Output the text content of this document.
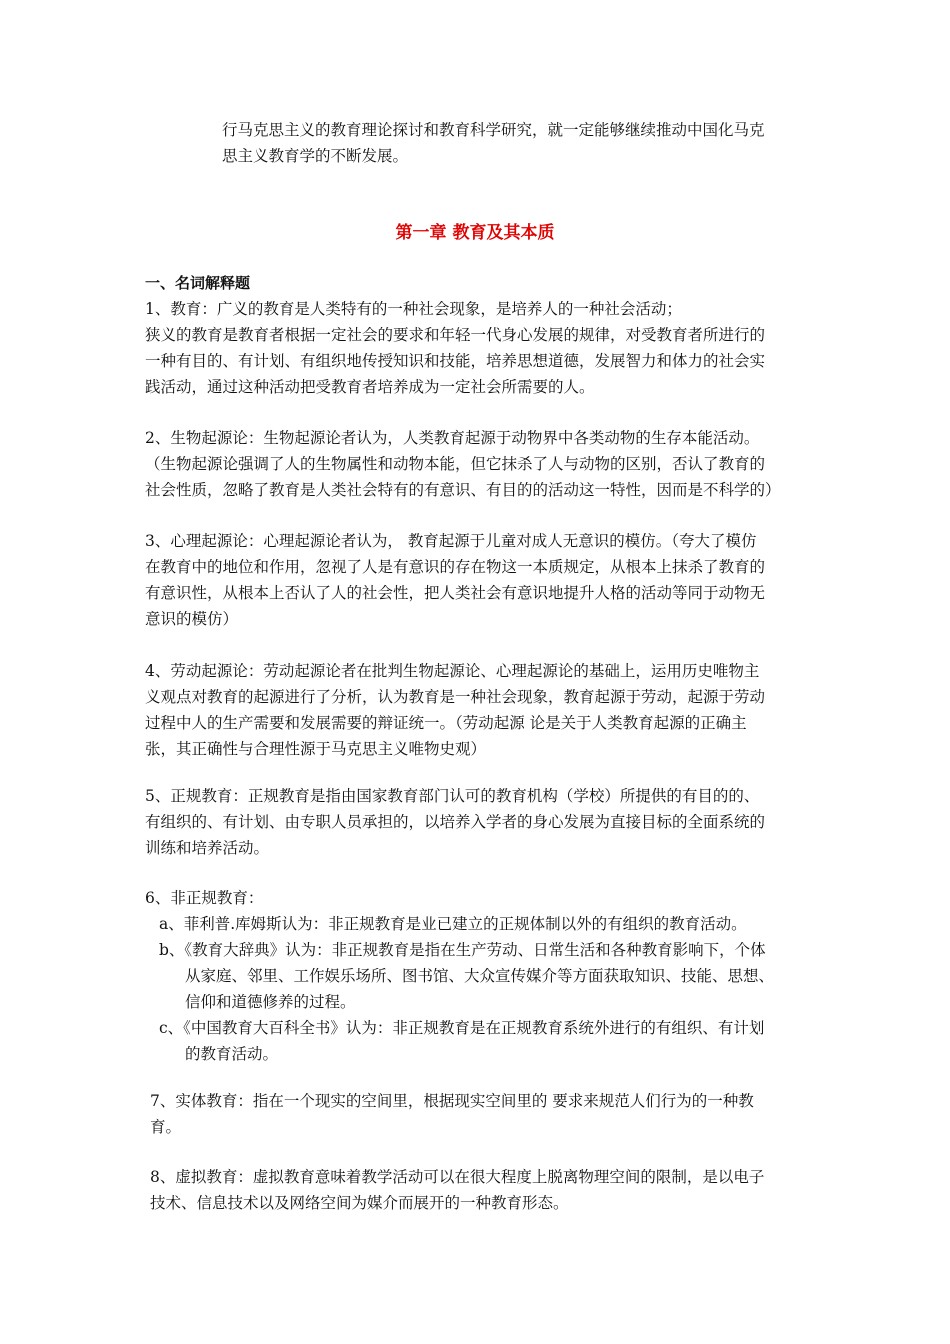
行马克思主义的教育理论探讨和教育科学研究，就一定能够继续推动中国化马克
思主义教育学的不断发展。
第一章 教育及其本质
一、名词解释题
1、教育：广义的教育是人类特有的一种社会现象，是培养人的一种社会活动；
狭义的教育是教育者根据一定社会的要求和年轻一代身心发展的规律，对受教育者所进行的
一种有目的、有计划、有组织地传授知识和技能，培养思想道德，发展智力和体力的社会实
践活动，通过这种活动把受教育者培养成为一定社会所需要的人。
2、生物起源论：生物起源论者认为，人类教育起源于动物界中各类动物的生存本能活动。
（生物起源论强调了人的生物属性和动物本能，但它抹杀了人与动物的区别，否认了教育的
社会性质，忽略了教育是人类社会特有的有意识、有目的的活动这一特性，因而是不科学的）
3、心理起源论：心理起源论者认为， 教育起源于儿童对成人无意识的模仿。（夸大了模仿
在教育中的地位和作用，忽视了人是有意识的存在物这一本质规定，从根本上抹杀了教育的
有意识性，从根本上否认了人的社会性，把人类社会有意识地提升人格的活动等同于动物无
意识的模仿）
4、劳动起源论：劳动起源论者在批判生物起源论、心理起源论的基础上，运用历史唯物主
义观点对教育的起源进行了分析，认为教育是一种社会现象，教育起源于劳动，起源于劳动
过程中人的生产需要和发展需要的辩证统一。（劳动起源 论是关于人类教育起源的正确主
张，其正确性与合理性源于马克思主义唯物史观）
5、正规教育：正规教育是指由国家教育部门认可的教育机构（学校）所提供的有目的的、
有组织的、有计划、由专职人员承担的，以培养入学者的身心发展为直接目标的全面系统的
训练和培养活动。
6、非正规教育：
a、菲利普.库姆斯认为：非正规教育是业已建立的正规体制以外的有组织的教育活动。
b、《教育大辞典》认为：非正规教育是指在生产劳动、日常生活和各种教育影响下，个体
从家庭、邻里、工作娱乐场所、图书馆、大众宣传媒介等方面获取知识、技能、思想、
信仰和道德修养的过程。
c、《中国教育大百科全书》认为：非正规教育是在正规教育系统外进行的有组织、有计划
的教育活动。
7、实体教育：指在一个现实的空间里，根据现实空间里的 要求来规范人们行为的一种教
育。
8、虚拟教育：虚拟教育意味着教学活动可以在很大程度上脱离物理空间的限制，是以电子
技术、信息技术以及网络空间为媒介而展开的一种教育形态。
